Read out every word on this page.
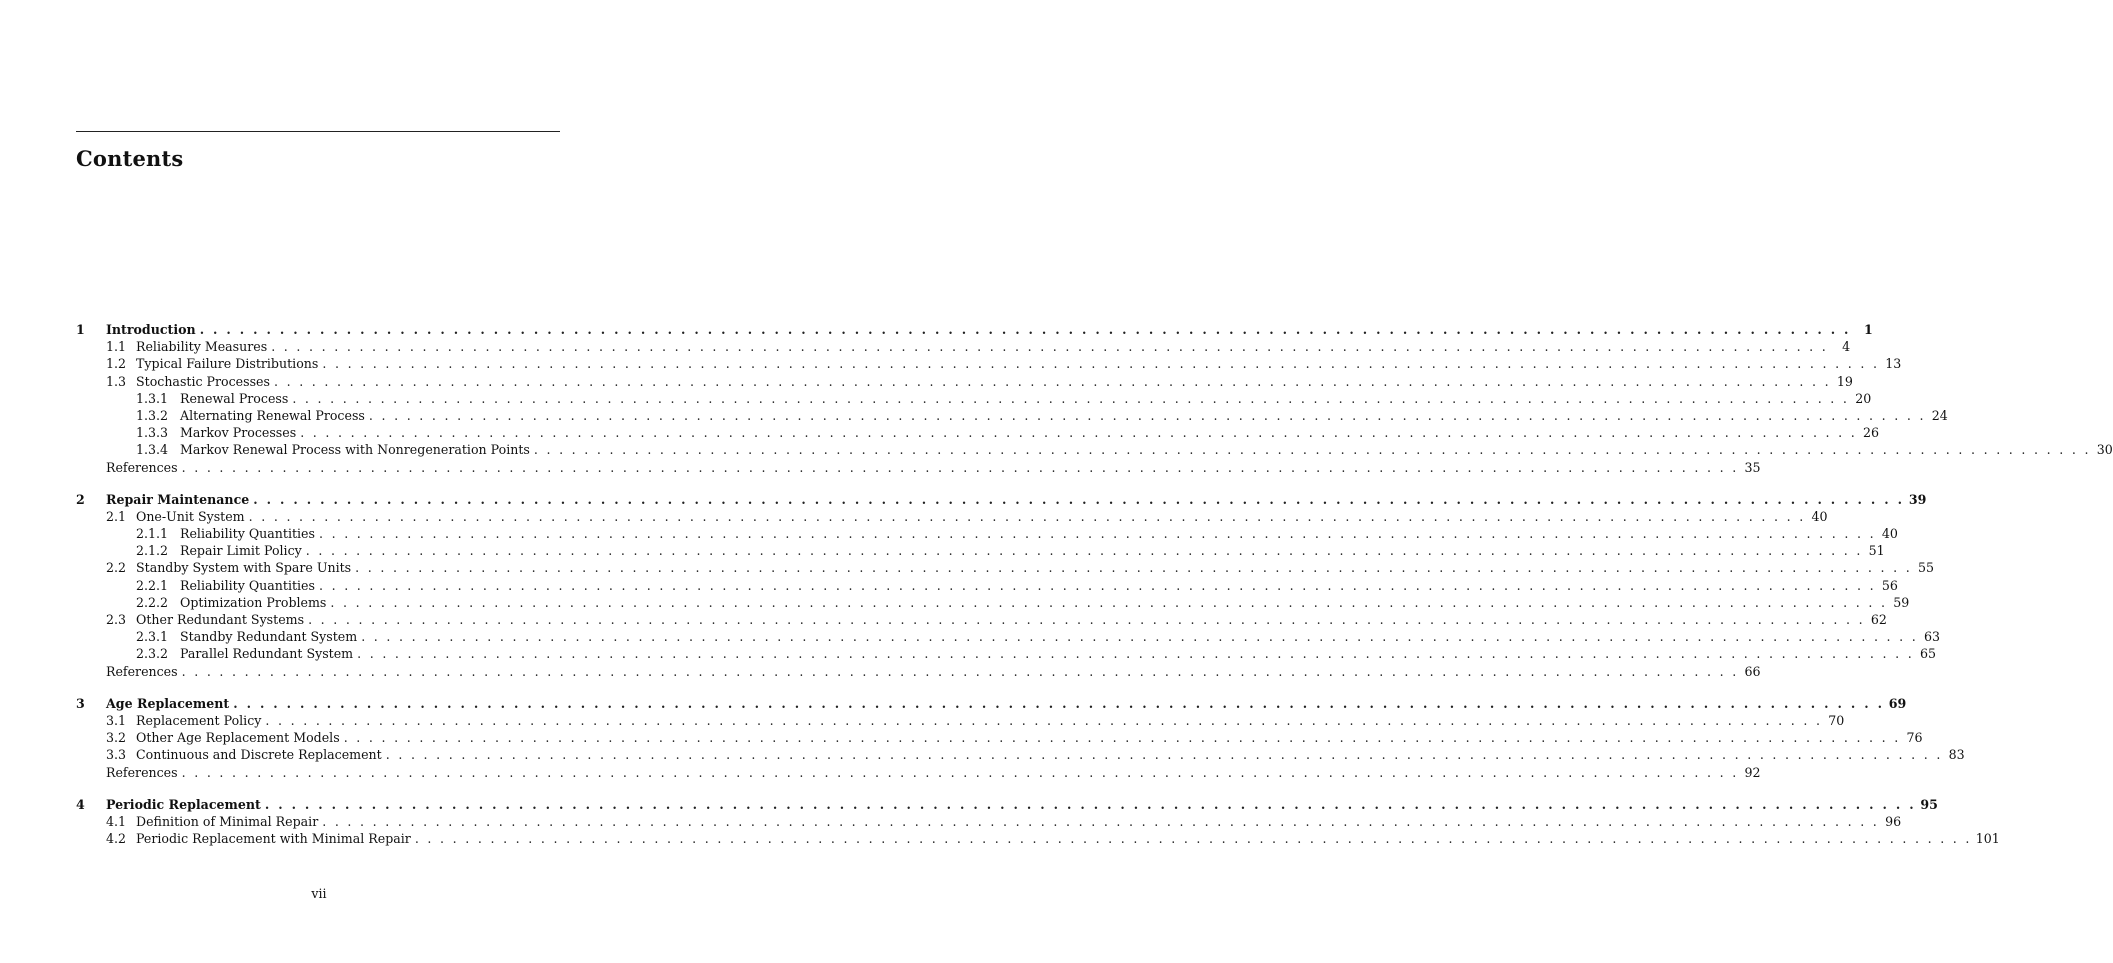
Contents
1	Introduction . . .	1
1.1 Reliability Measures . . .	4
1.2 Typical Failure Distributions . . .	13
1.3 Stochastic Processes . . .	19
1.3.1 Renewal Process . . .	20
1.3.2 Alternating Renewal Process . . .	24
1.3.3 Markov Processes . . .	26
1.3.4 Markov Renewal Process with Nonregeneration Points . . .	30
References . . .	35
2	Repair Maintenance . . .	39
2.1 One-Unit System . . .	40
2.1.1 Reliability Quantities . . .	40
2.1.2 Repair Limit Policy . . .	51
2.2 Standby System with Spare Units . . .	55
2.2.1 Reliability Quantities . . .	56
2.2.2 Optimization Problems . . .	59
2.3 Other Redundant Systems . . .	62
2.3.1 Standby Redundant System . . .	63
2.3.2 Parallel Redundant System . . .	65
References . . .	66
3	Age Replacement . . .	69
3.1 Replacement Policy . . .	70
3.2 Other Age Replacement Models . . .	76
3.3 Continuous and Discrete Replacement . . .	83
References . . .	92
4	Periodic Replacement . . .	95
4.1 Definition of Minimal Repair . . .	96
4.2 Periodic Replacement with Minimal Repair . . .	101
vii
